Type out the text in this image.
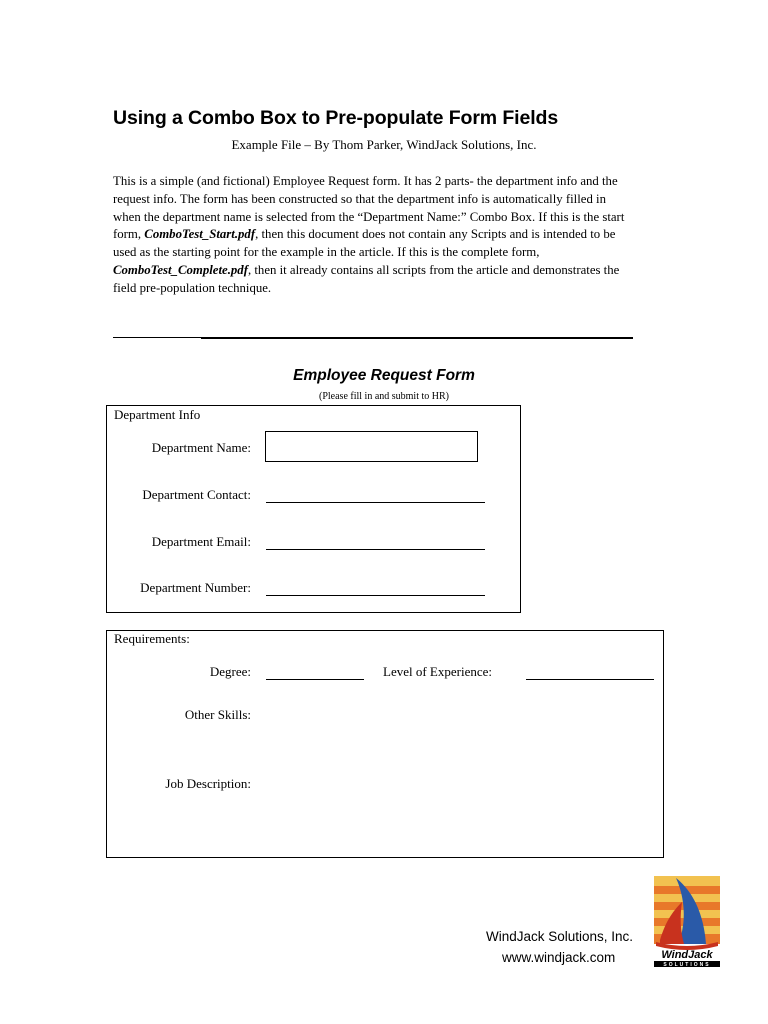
Using a Combo Box to Pre-populate Form Fields
Example File – By Thom Parker, WindJack Solutions, Inc.
This is a simple (and fictional) Employee Request form. It has 2 parts- the department info and the request info. The form has been constructed so that the department info is automatically filled in when the department name is selected from the “Department Name:” Combo Box. If this is the start form, ComboTest_Start.pdf, then this document does not contain any Scripts and is intended to be used as the starting point for the example in the article. If this is the complete form, ComboTest_Complete.pdf, then it already contains all scripts from the article and demonstrates the field pre-population technique.
Employee Request Form
(Please fill in and submit to HR)
Department Info
Department Name:
Department Contact:
Department Email:
Department Number:
Requirements:
Degree:	Level of Experience:
Other Skills:
Job Description:
WindJack Solutions, Inc.
www.windjack.com	WindJack
SOLUTIONS
